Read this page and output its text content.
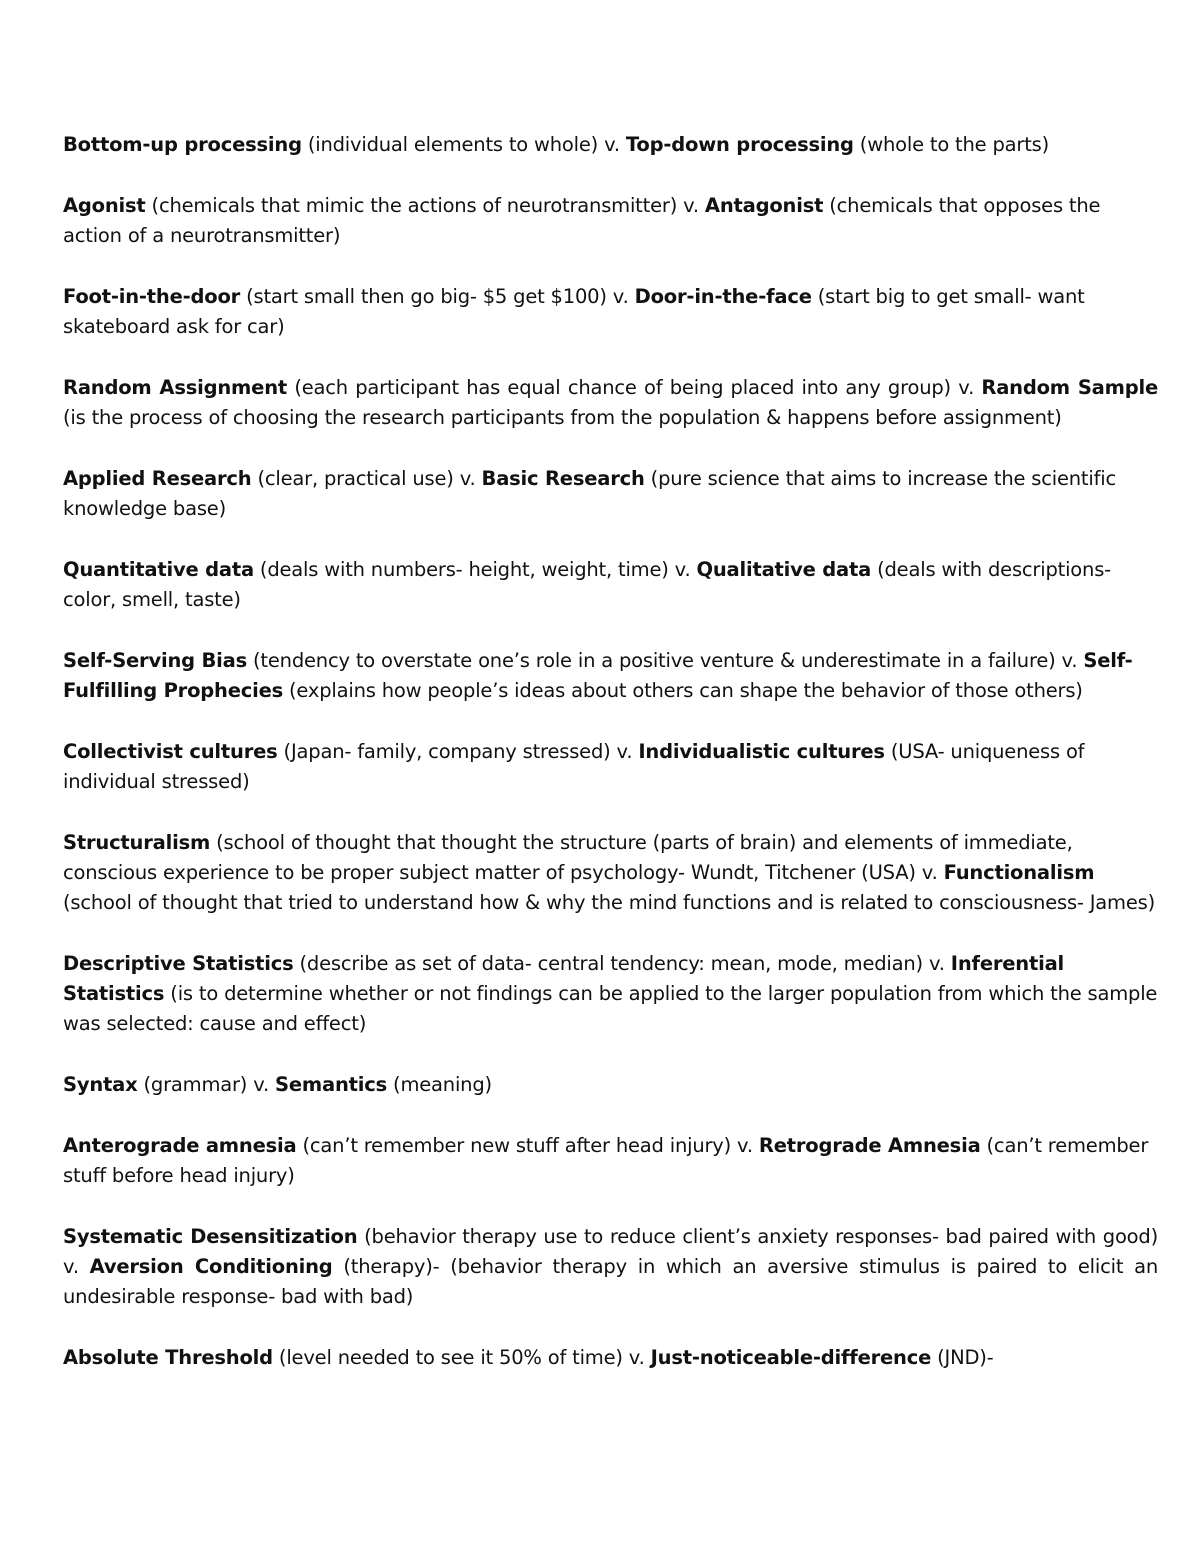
Bottom-up processing (individual elements to whole) v. Top-down processing (whole to the parts)

Agonist (chemicals that mimic the actions of neurotransmitter) v. Antagonist (chemicals that opposes the action of a neurotransmitter)

Foot-in-the-door (start small then go big- $5 get $100) v. Door-in-the-face (start big to get small- want skateboard ask for car)

Random Assignment (each participant has equal chance of being placed into any group) v. Random Sample (is the process of choosing the research participants from the population & happens before assignment)

Applied Research (clear, practical use) v. Basic Research (pure science that aims to increase the scientific knowledge base)

Quantitative data (deals with numbers- height, weight, time) v. Qualitative data (deals with descriptions- color, smell, taste)

Self-Serving Bias (tendency to overstate one’s role in a positive venture & underestimate in a failure) v. Self-Fulfilling Prophecies (explains how people’s ideas about others can shape the behavior of those others)

Collectivist cultures (Japan- family, company stressed) v. Individualistic cultures (USA- uniqueness of individual stressed)

Structuralism (school of thought that thought the structure (parts of brain) and elements of immediate, conscious experience to be proper subject matter of psychology- Wundt, Titchener (USA) v. Functionalism (school of thought that tried to understand how & why the mind functions and is related to consciousness- James)

Descriptive Statistics (describe as set of data- central tendency: mean, mode, median) v. Inferential Statistics (is to determine whether or not findings can be applied to the larger population from which the sample was selected: cause and effect)

Syntax (grammar) v. Semantics (meaning)

Anterograde amnesia (can’t remember new stuff after head injury) v. Retrograde Amnesia (can’t remember stuff before head injury)

Systematic Desensitization (behavior therapy use to reduce client’s anxiety responses- bad paired with good) v. Aversion Conditioning (therapy)- (behavior therapy in which an aversive stimulus is paired to elicit an undesirable response- bad with bad)

Absolute Threshold (level needed to see it 50% of time) v. Just-noticeable-difference (JND)-
